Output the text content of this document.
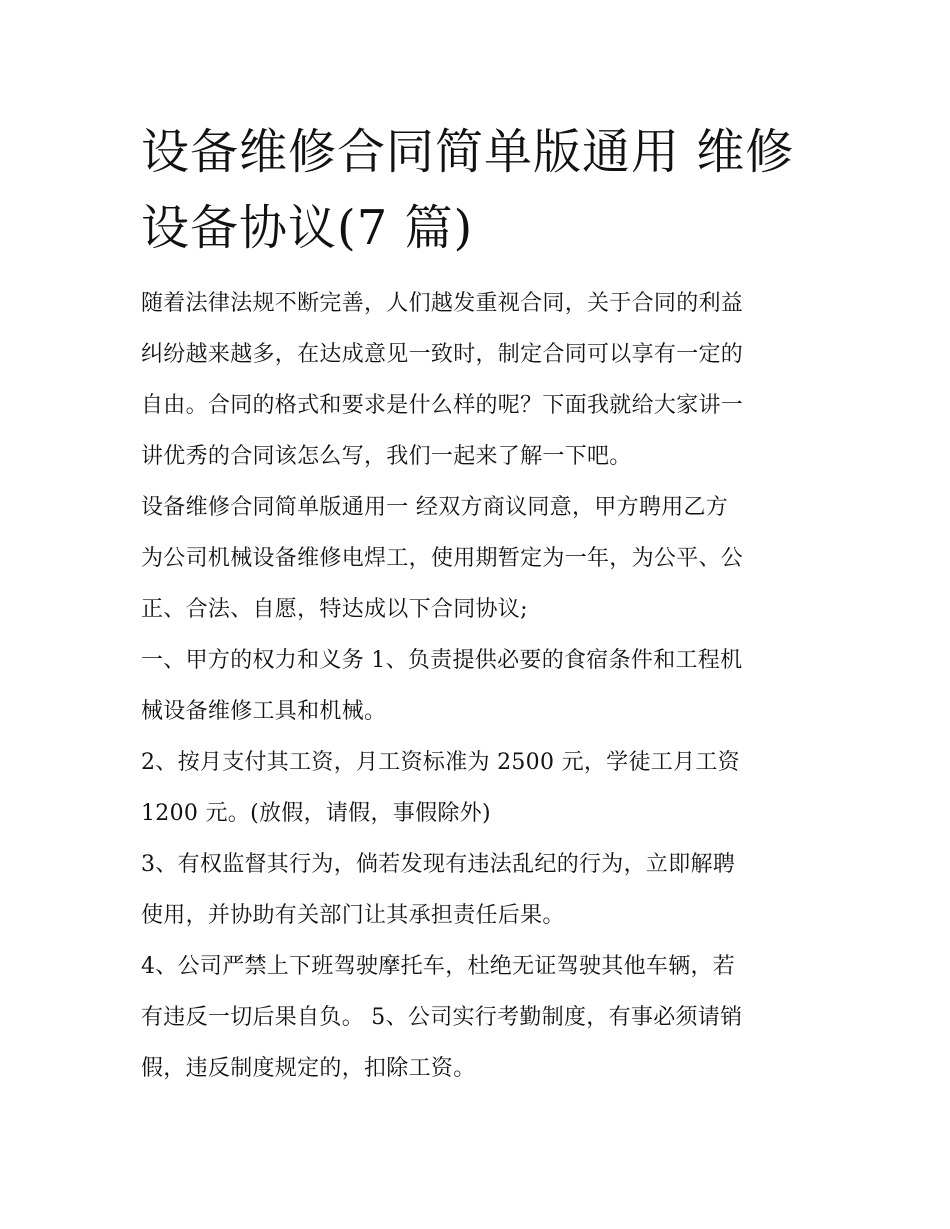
设备维修合同简单版通用 维修
设备协议(7 篇)

随着法律法规不断完善，人们越发重视合同，关于合同的利益
纠纷越来越多，在达成意见一致时，制定合同可以享有一定的
自由。合同的格式和要求是什么样的呢？下面我就给大家讲一
讲优秀的合同该怎么写，我们一起来了解一下吧。

设备维修合同简单版通用一 经双方商议同意，甲方聘用乙方
为公司机械设备维修电焊工，使用期暂定为一年，为公平、公
正、合法、自愿，特达成以下合同协议;

一、甲方的权力和义务 1、负责提供必要的食宿条件和工程机
械设备维修工具和机械。

2、按月支付其工资，月工资标准为 2500 元，学徒工月工资
1200 元。(放假，请假，事假除外)

3、有权监督其行为，倘若发现有违法乱纪的行为，立即解聘
使用，并协助有关部门让其承担责任后果。

4、公司严禁上下班驾驶摩托车，杜绝无证驾驶其他车辆，若
有违反一切后果自负。 5、公司实行考勤制度，有事必须请销
假，违反制度规定的，扣除工资。
